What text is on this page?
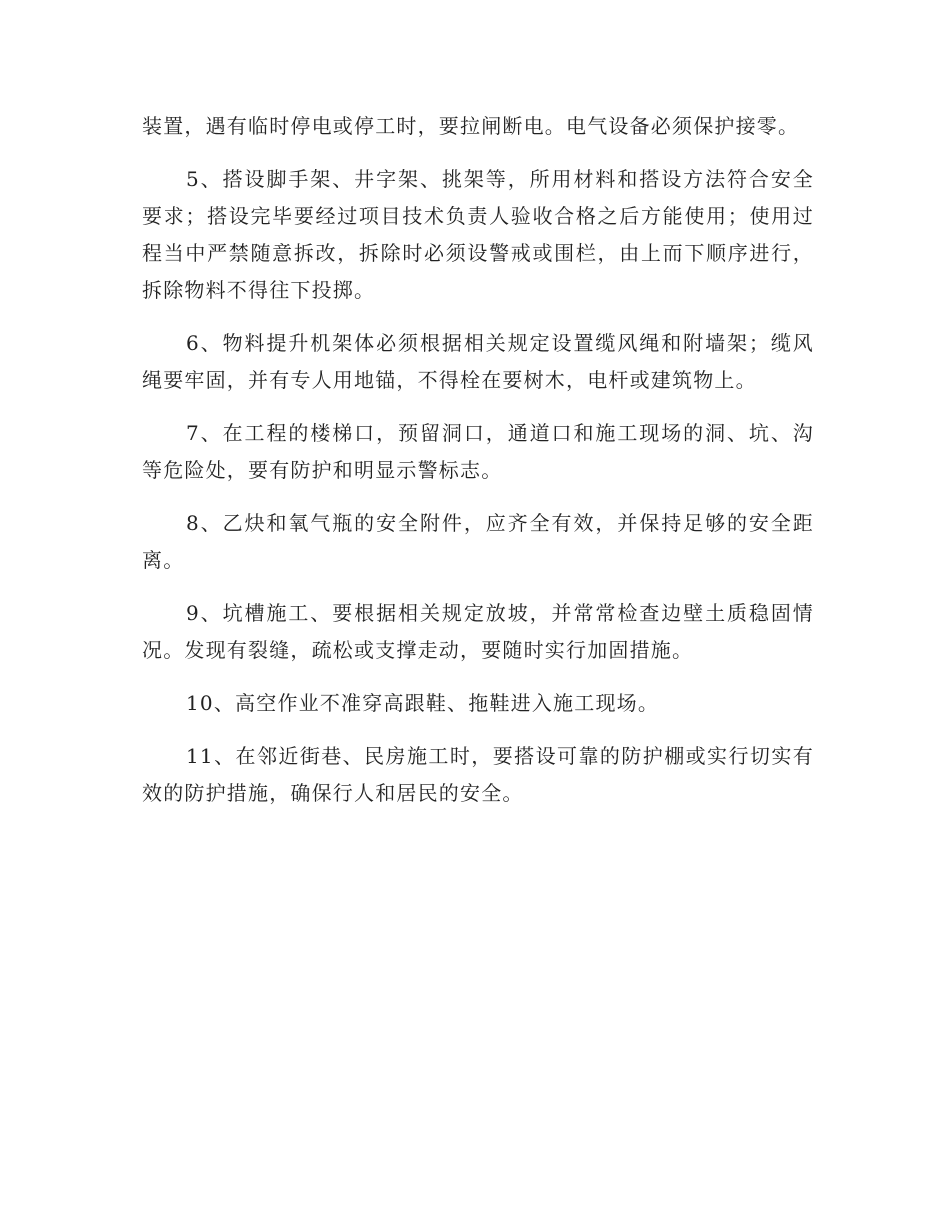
装置，遇有临时停电或停工时，要拉闸断电。电气设备必须保护接零。

5、搭设脚手架、井字架、挑架等，所用材料和搭设方法符合安全要求；搭设完毕要经过项目技术负责人验收合格之后方能使用；使用过程当中严禁随意拆改，拆除时必须设警戒或围栏，由上而下顺序进行，拆除物料不得往下投掷。

6、物料提升机架体必须根据相关规定设置缆风绳和附墙架；缆风绳要牢固，并有专人用地锚，不得栓在要树木，电杆或建筑物上。

7、在工程的楼梯口，预留洞口，通道口和施工现场的洞、坑、沟等危险处，要有防护和明显示警标志。

8、乙炔和氧气瓶的安全附件，应齐全有效，并保持足够的安全距离。

9、坑槽施工、要根据相关规定放坡，并常常检查边壁土质稳固情况。发现有裂缝，疏松或支撑走动，要随时实行加固措施。

10、高空作业不准穿高跟鞋、拖鞋进入施工现场。

11、在邻近街巷、民房施工时，要搭设可靠的防护棚或实行切实有效的防护措施，确保行人和居民的安全。
